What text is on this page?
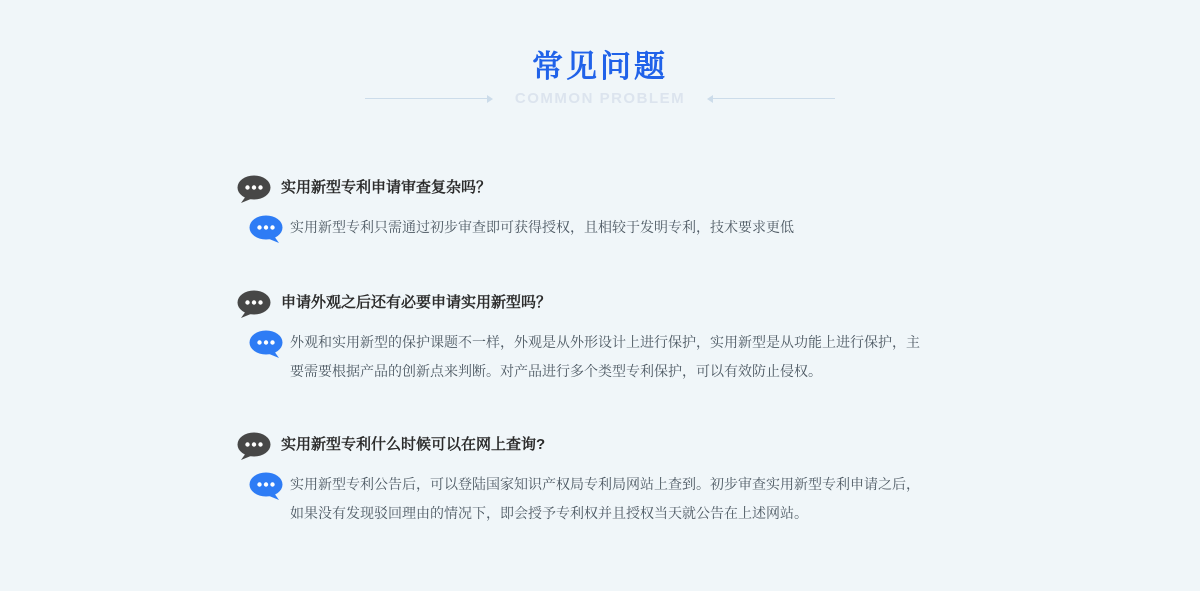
常见问题
COMMON PROBLEM
实用新型专利申请审查复杂吗？

实用新型专利只需通过初步审查即可获得授权，且相较于发明专利，技术要求更低

申请外观之后还有必要申请实用新型吗？

外观和实用新型的保护课题不一样，外观是从外形设计上进行保护，实用新型是从功能上进行保护，主要需要根据产品的创新点来判断。对产品进行多个类型专利保护，可以有效防止侵权。

实用新型专利什么时候可以在网上查询?

实用新型专利公告后，可以登陆国家知识产权局专利局网站上查到。初步审查实用新型专利申请之后，如果没有发现驳回理由的情况下，即会授予专利权并且授权当天就公告在上述网站。
